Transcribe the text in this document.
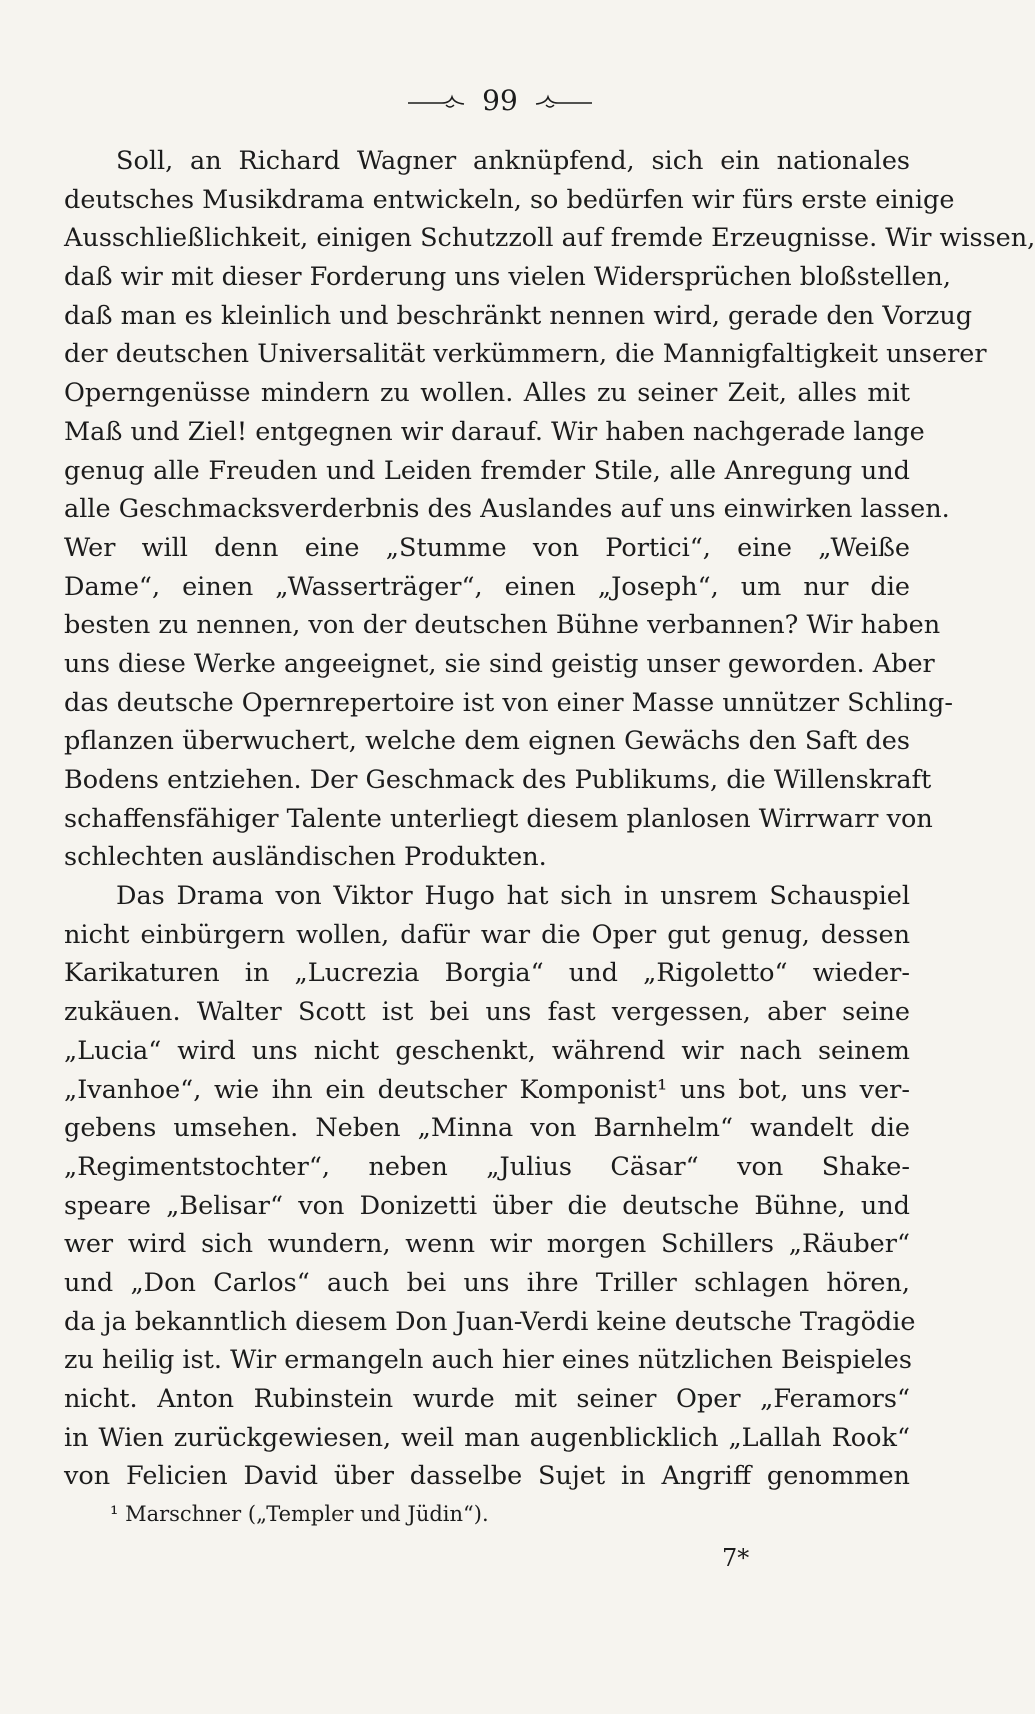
99
Soll, an Richard Wagner anknüpfend, sich ein nationales
deutsches Musikdrama entwickeln, so bedürfen wir fürs erste einige
Ausschließlichkeit, einigen Schutzzoll auf fremde Erzeugnisse. Wir wissen,
daß wir mit dieser Forderung uns vielen Widersprüchen bloßstellen,
daß man es kleinlich und beschränkt nennen wird, gerade den Vorzug
der deutschen Universalität verkümmern, die Mannigfaltigkeit unserer
Operngenüsse mindern zu wollen. Alles zu seiner Zeit, alles mit
Maß und Ziel! entgegnen wir darauf. Wir haben nachgerade lange
genug alle Freuden und Leiden fremder Stile, alle Anregung und
alle Geschmacksverderbnis des Auslandes auf uns einwirken lassen.
Wer will denn eine „Stumme von Portici“, eine „Weiße
Dame“, einen „Wasserträger“, einen „Joseph“, um nur die
besten zu nennen, von der deutschen Bühne verbannen? Wir haben
uns diese Werke angeeignet, sie sind geistig unser geworden. Aber
das deutsche Opernrepertoire ist von einer Masse unnützer Schling-
pflanzen überwuchert, welche dem eignen Gewächs den Saft des
Bodens entziehen. Der Geschmack des Publikums, die Willenskraft
schaffensfähiger Talente unterliegt diesem planlosen Wirrwarr von
schlechten ausländischen Produkten.
Das Drama von Viktor Hugo hat sich in unsrem Schauspiel
nicht einbürgern wollen, dafür war die Oper gut genug, dessen
Karikaturen in „Lucrezia Borgia“ und „Rigoletto“ wieder-
zukäuen. Walter Scott ist bei uns fast vergessen, aber seine
„Lucia“ wird uns nicht geschenkt, während wir nach seinem
„Ivanhoe“, wie ihn ein deutscher Komponist¹ uns bot, uns ver-
gebens umsehen. Neben „Minna von Barnhelm“ wandelt die
„Regimentstochter“, neben „Julius Cäsar“ von Shake-
speare „Belisar“ von Donizetti über die deutsche Bühne, und
wer wird sich wundern, wenn wir morgen Schillers „Räuber“
und „Don Carlos“ auch bei uns ihre Triller schlagen hören,
da ja bekanntlich diesem Don Juan-Verdi keine deutsche Tragödie
zu heilig ist. Wir ermangeln auch hier eines nützlichen Beispieles
nicht. Anton Rubinstein wurde mit seiner Oper „Feramors“
in Wien zurückgewiesen, weil man augenblicklich „Lallah Rook“
von Felicien David über dasselbe Sujet in Angriff genommen
¹ Marschner („Templer und Jüdin“).
7*
